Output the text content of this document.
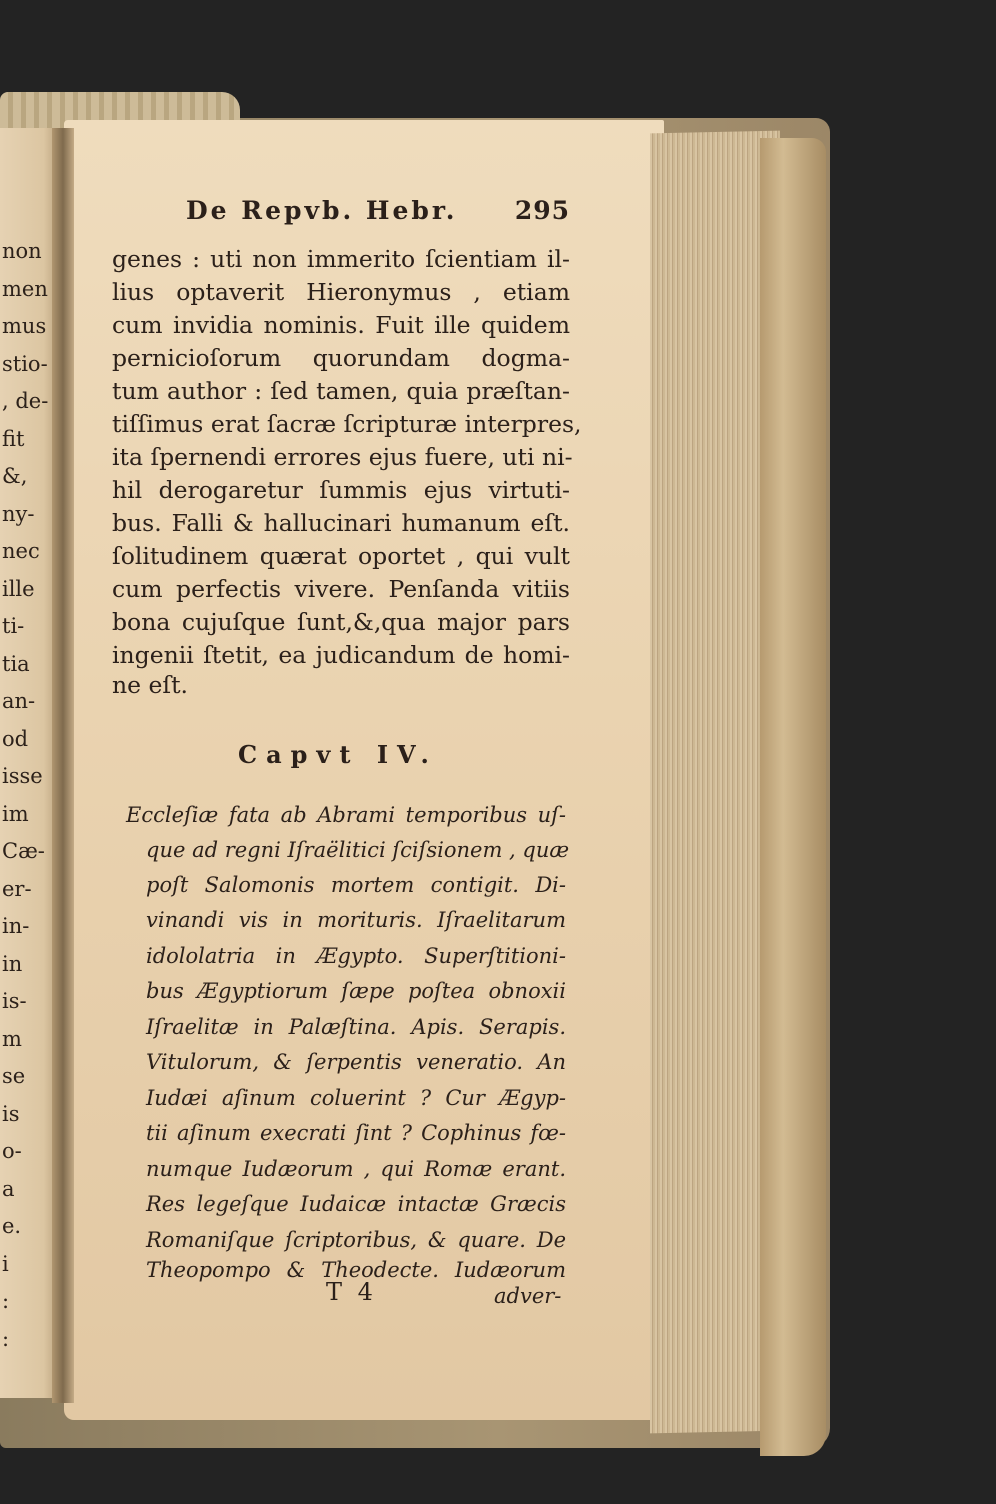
non

men

mus

stio-

, de-

fit

&,

ny-

nec

ille

ti-

tia

an-

od

isse

im

Cæ-

er-

in-

in

is-

m

se

is

o-

a

e.

i

:

:

De Repvb. Hebr. 295

genes : uti non immerito ſcientiam il-

lius optaverit Hieronymus , etiam

cum invidia nominis. Fuit ille quidem

pernicioſorum quorundam dogma-

tum author : ſed tamen, quia præſtan-

tiſſimus erat ſacræ ſcripturæ interpres,

ita ſpernendi errores ejus fuere, uti ni-

hil derogaretur ſummis ejus virtuti-

bus. Falli & hallucinari humanum eſt.

ſolitudinem quærat oportet , qui vult

cum perfectis vivere. Penſanda vitiis

bona cujuſque ſunt,&,qua major pars

ingenii ſtetit, ea judicandum de homi-

ne eſt.

Capvt IV.

Eccleſiæ fata ab Abrami temporibus uſ-

que ad regni Iſraëlitici ſciſsionem , quæ

poſt Salomonis mortem contigit. Di-

vinandi vis in morituris. Iſraelitarum

idololatria in Ægypto. Superſtitioni-

bus Ægyptiorum ſæpe poſtea obnoxii

Iſraelitæ in Palæſtina. Apis. Serapis.

Vitulorum, & ſerpentis veneratio. An

Iudæi aſinum coluerint ? Cur Ægyp-

tii aſinum execrati ſint ? Cophinus fœ-

numque Iudæorum , qui Romæ erant.

Res legeſque Iudaicæ intactæ Græcis

Romaniſque ſcriptoribus, & quare. De

Theopompo & Theodecte. Iudæorum

T 4	adver-
